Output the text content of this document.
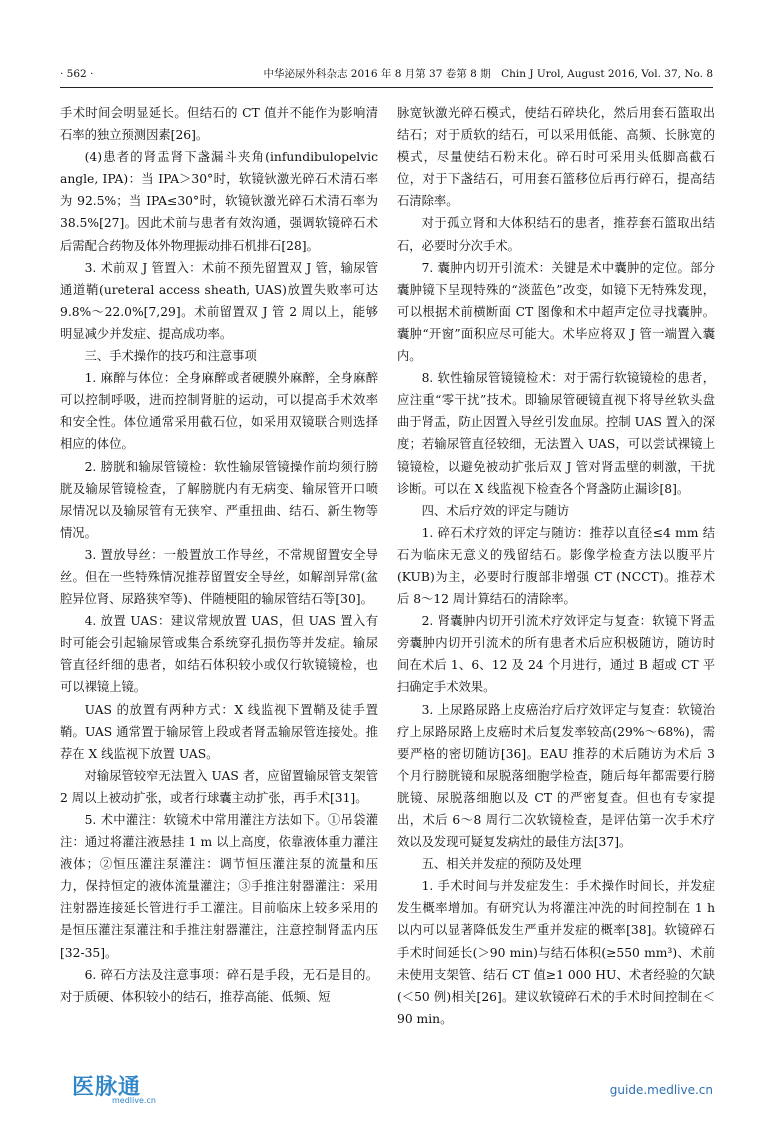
· 562 ·	中华泌尿外科杂志 2016 年 8 月第 37 卷第 8 期　Chin J Urol, August 2016, Vol. 37, No. 8

手术时间会明显延长。但结石的 CT 值并不能作为影响清石率的独立预测因素[26]。

(4)患者的肾盂肾下盏漏斗夹角(infundibulopelvic angle, IPA)：当 IPA＞30°时，软镜钬激光碎石术清石率为 92.5%；当 IPA≤30°时，软镜钬激光碎石术清石率为 38.5%[27]。因此术前与患者有效沟通，强调软镜碎石术后需配合药物及体外物理振动排石机排石[28]。

3. 术前双 J 管置入：术前不预先留置双 J 管，输尿管通道鞘(ureteral access sheath, UAS)放置失败率可达 9.8%～22.0%[7,29]。术前留置双 J 管 2 周以上，能够明显减少并发症、提高成功率。

三、手术操作的技巧和注意事项

1. 麻醉与体位：全身麻醉或者硬膜外麻醉，全身麻醉可以控制呼吸，进而控制肾脏的运动，可以提高手术效率和安全性。体位通常采用截石位，如采用双镜联合则选择相应的体位。

2. 膀胱和输尿管镜检：软性输尿管镜操作前均须行膀胱及输尿管镜检查，了解膀胱内有无病变、输尿管开口喷尿情况以及输尿管有无狭窄、严重扭曲、结石、新生物等情况。

3. 置放导丝：一般置放工作导丝，不常规留置安全导丝。但在一些特殊情况推荐留置安全导丝，如解剖异常(盆腔异位肾、尿路狭窄等)、伴随梗阻的输尿管结石等[30]。

4. 放置 UAS：建议常规放置 UAS，但 UAS 置入有时可能会引起输尿管或集合系统穿孔损伤等并发症。输尿管直径纤细的患者，如结石体积较小或仅行软镜镜检，也可以裸镜上镜。

UAS 的放置有两种方式：X 线监视下置鞘及徒手置鞘。UAS 通常置于输尿管上段或者肾盂输尿管连接处。推荐在 X 线监视下放置 UAS。

对输尿管较窄无法置入 UAS 者，应留置输尿管支架管 2 周以上被动扩张，或者行球囊主动扩张，再手术[31]。

5. 术中灌注：软镜术中常用灌注方法如下。①吊袋灌注：通过将灌注液悬挂 1 m 以上高度，依靠液体重力灌注液体；②恒压灌注泵灌注：调节恒压灌注泵的流量和压力，保持恒定的液体流量灌注；③手推注射器灌注：采用注射器连接延长管进行手工灌注。目前临床上较多采用的是恒压灌注泵灌注和手推注射器灌注，注意控制肾盂内压[32-35]。

6. 碎石方法及注意事项：碎石是手段，无石是目的。对于质硬、体积较小的结石，推荐高能、低频、短

脉宽钬激光碎石模式，使结石碎块化，然后用套石篮取出结石；对于质软的结石，可以采用低能、高频、长脉宽的模式，尽量使结石粉末化。碎石时可采用头低脚高截石位，对于下盏结石，可用套石篮移位后再行碎石，提高结石清除率。

对于孤立肾和大体积结石的患者，推荐套石篮取出结石，必要时分次手术。

7. 囊肿内切开引流术：关键是术中囊肿的定位。部分囊肿镜下呈现特殊的“淡蓝色”改变，如镜下无特殊发现，可以根据术前横断面 CT 图像和术中超声定位寻找囊肿。囊肿“开窗”面积应尽可能大。术毕应将双 J 管一端置入囊内。

8. 软性输尿管镜镜检术：对于需行软镜镜检的患者，应注重“零干扰”技术。即输尿管硬镜直视下将导丝软头盘曲于肾盂，防止因置入导丝引发血尿。控制 UAS 置入的深度；若输尿管直径较细，无法置入 UAS，可以尝试裸镜上镜镜检，以避免被动扩张后双 J 管对肾盂壁的刺激，干扰诊断。可以在 X 线监视下检查各个肾盏防止漏诊[8]。

四、术后疗效的评定与随访

1. 碎石术疗效的评定与随访：推荐以直径≤4 mm 结石为临床无意义的残留结石。影像学检查方法以腹平片(KUB)为主，必要时行腹部非增强 CT (NCCT)。推荐术后 8～12 周计算结石的清除率。

2. 肾囊肿内切开引流术疗效评定与复查：软镜下肾盂旁囊肿内切开引流术的所有患者术后应积极随访，随访时间在术后 1、6、12 及 24 个月进行，通过 B 超或 CT 平扫确定手术效果。

3. 上尿路尿路上皮癌治疗后疗效评定与复查：软镜治疗上尿路尿路上皮癌时术后复发率较高(29%～68%)，需要严格的密切随访[36]。EAU 推荐的术后随访为术后 3 个月行膀胱镜和尿脱落细胞学检查，随后每年都需要行膀胱镜、尿脱落细胞以及 CT 的严密复查。但也有专家提出，术后 6～8 周行二次软镜检查，是评估第一次手术疗效以及发现可疑复发病灶的最佳方法[37]。

五、相关并发症的预防及处理

1. 手术时间与并发症发生：手术操作时间长，并发症发生概率增加。有研究认为将灌注冲洗的时间控制在 1 h 以内可以显著降低发生严重并发症的概率[38]。软镜碎石手术时间延长(＞90 min)与结石体积(≥550 mm³)、术前未使用支架管、结石 CT 值≥1 000 HU、术者经验的欠缺(＜50 例)相关[26]。建议软镜碎石术的手术时间控制在＜90 min。

医脉通
medlive.cn
guide.medlive.cn
